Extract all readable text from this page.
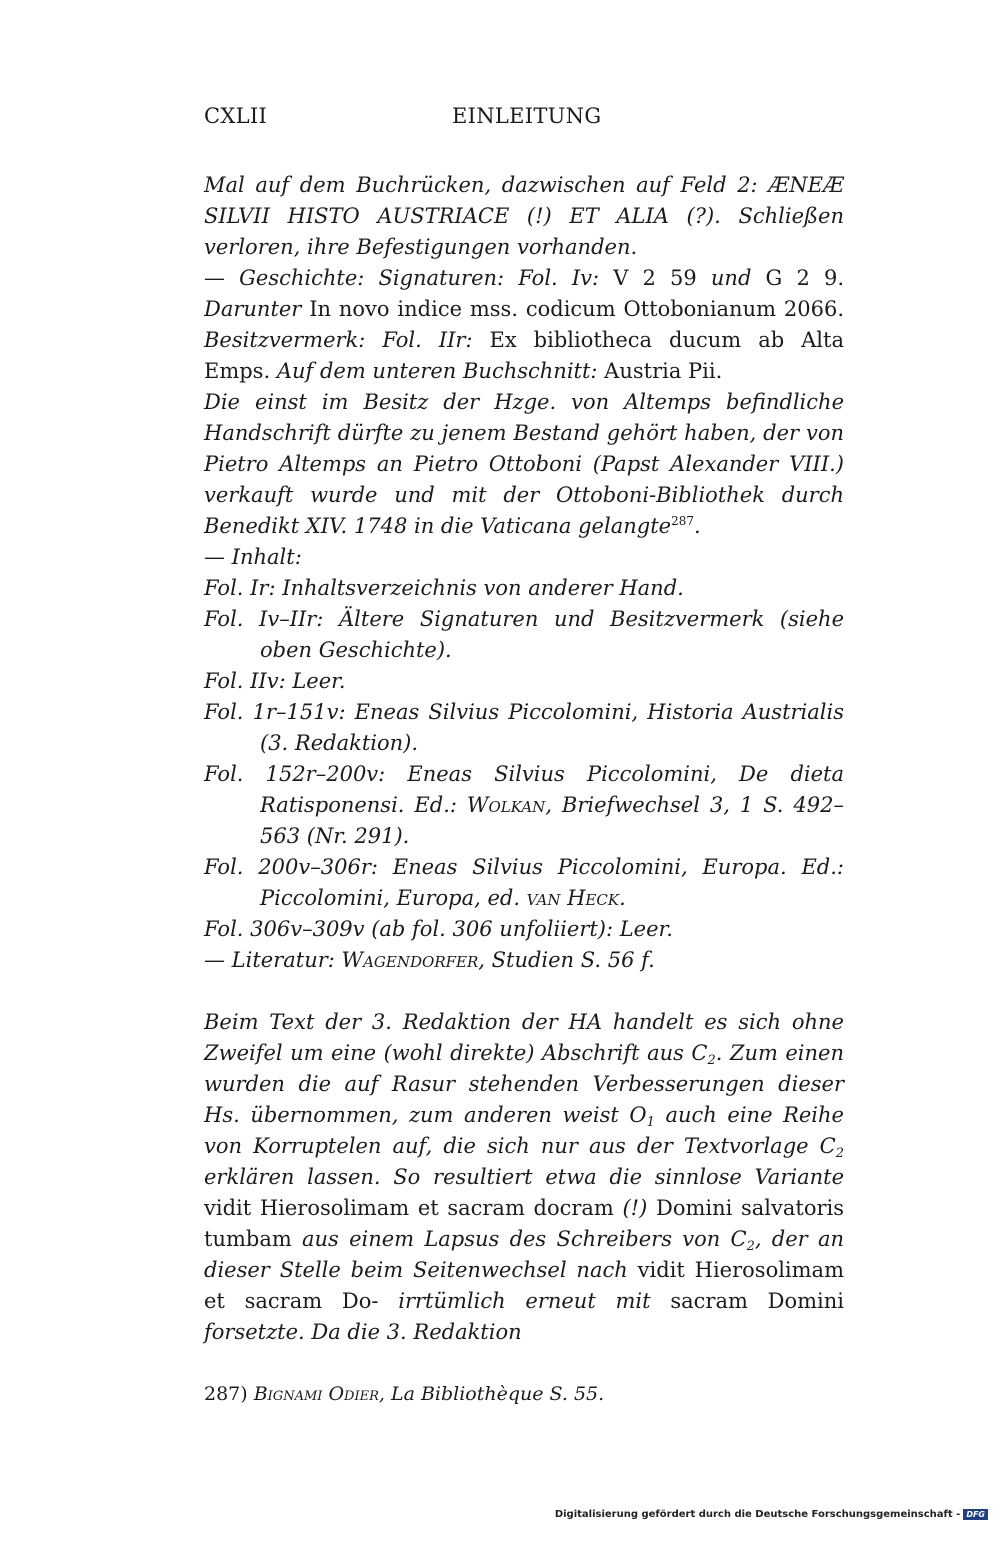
CXLII	EINLEITUNG

Mal auf dem Buchrücken, dazwischen auf Feld 2: ÆNEÆ SILVII HISTO AUSTRIACE (!) ET ALIA (?). Schließen verloren, ihre Befestigungen vorhanden.

— Geschichte: Signaturen: Fol. Iv: V 2 59 und G 2 9. Darunter In novo indice mss. codicum Ottobonianum 2066. Besitzvermerk: Fol. IIr: Ex bibliotheca ducum ab Alta Emps. Auf dem unteren Buchschnitt: Austria Pii.

Die einst im Besitz der Hzge. von Altemps befindliche Handschrift dürfte zu jenem Bestand gehört haben, der von Pietro Altemps an Pietro Ottoboni (Papst Alexander VIII.) verkauft wurde und mit der Ottoboni-Bibliothek durch Benedikt XIV. 1748 in die Vaticana gelangte$^{287}$.

— Inhalt:

Fol. Ir: Inhaltsverzeichnis von anderer Hand.

Fol. Iv–IIr: Ältere Signaturen und Besitzvermerk (siehe oben Geschichte).

Fol. IIv: Leer.

Fol. 1r–151v: Eneas Silvius Piccolomini, Historia Austrialis (3. Redaktion).

Fol. 152r–200v: Eneas Silvius Piccolomini, De dieta Ratisponensi. Ed.: Wolkan, Briefwechsel 3, 1 S. 492–563 (Nr. 291).

Fol. 200v–306r: Eneas Silvius Piccolomini, Europa. Ed.: Piccolomini, Europa, ed. van Heck.

Fol. 306v–309v (ab fol. 306 unfoliiert): Leer.

— Literatur: Wagendorfer, Studien S. 56 f.

Beim Text der 3. Redaktion der HA handelt es sich ohne Zweifel um eine (wohl direkte) Abschrift aus $C_2$. Zum einen wurden die auf Rasur stehenden Verbesserungen dieser Hs. übernommen, zum anderen weist $O_1$ auch eine Reihe von Korruptelen auf, die sich nur aus der Textvorlage $C_2$ erklären lassen. So resultiert etwa die sinnlose Variante vidit Hierosolimam et sacram docram (!) Domini salvatoris tumbam aus einem Lapsus des Schreibers von $C_2$, der an dieser Stelle beim Seitenwechsel nach vidit Hierosolimam et sacram Do- irrtümlich erneut mit sacram Domini forsetzte. Da die 3. Redaktion

287) Bignami Odier, La Bibliothèque S. 55.
Digitalisierung gefördert durch die Deutsche Forschungsgemeinschaft - DFG
